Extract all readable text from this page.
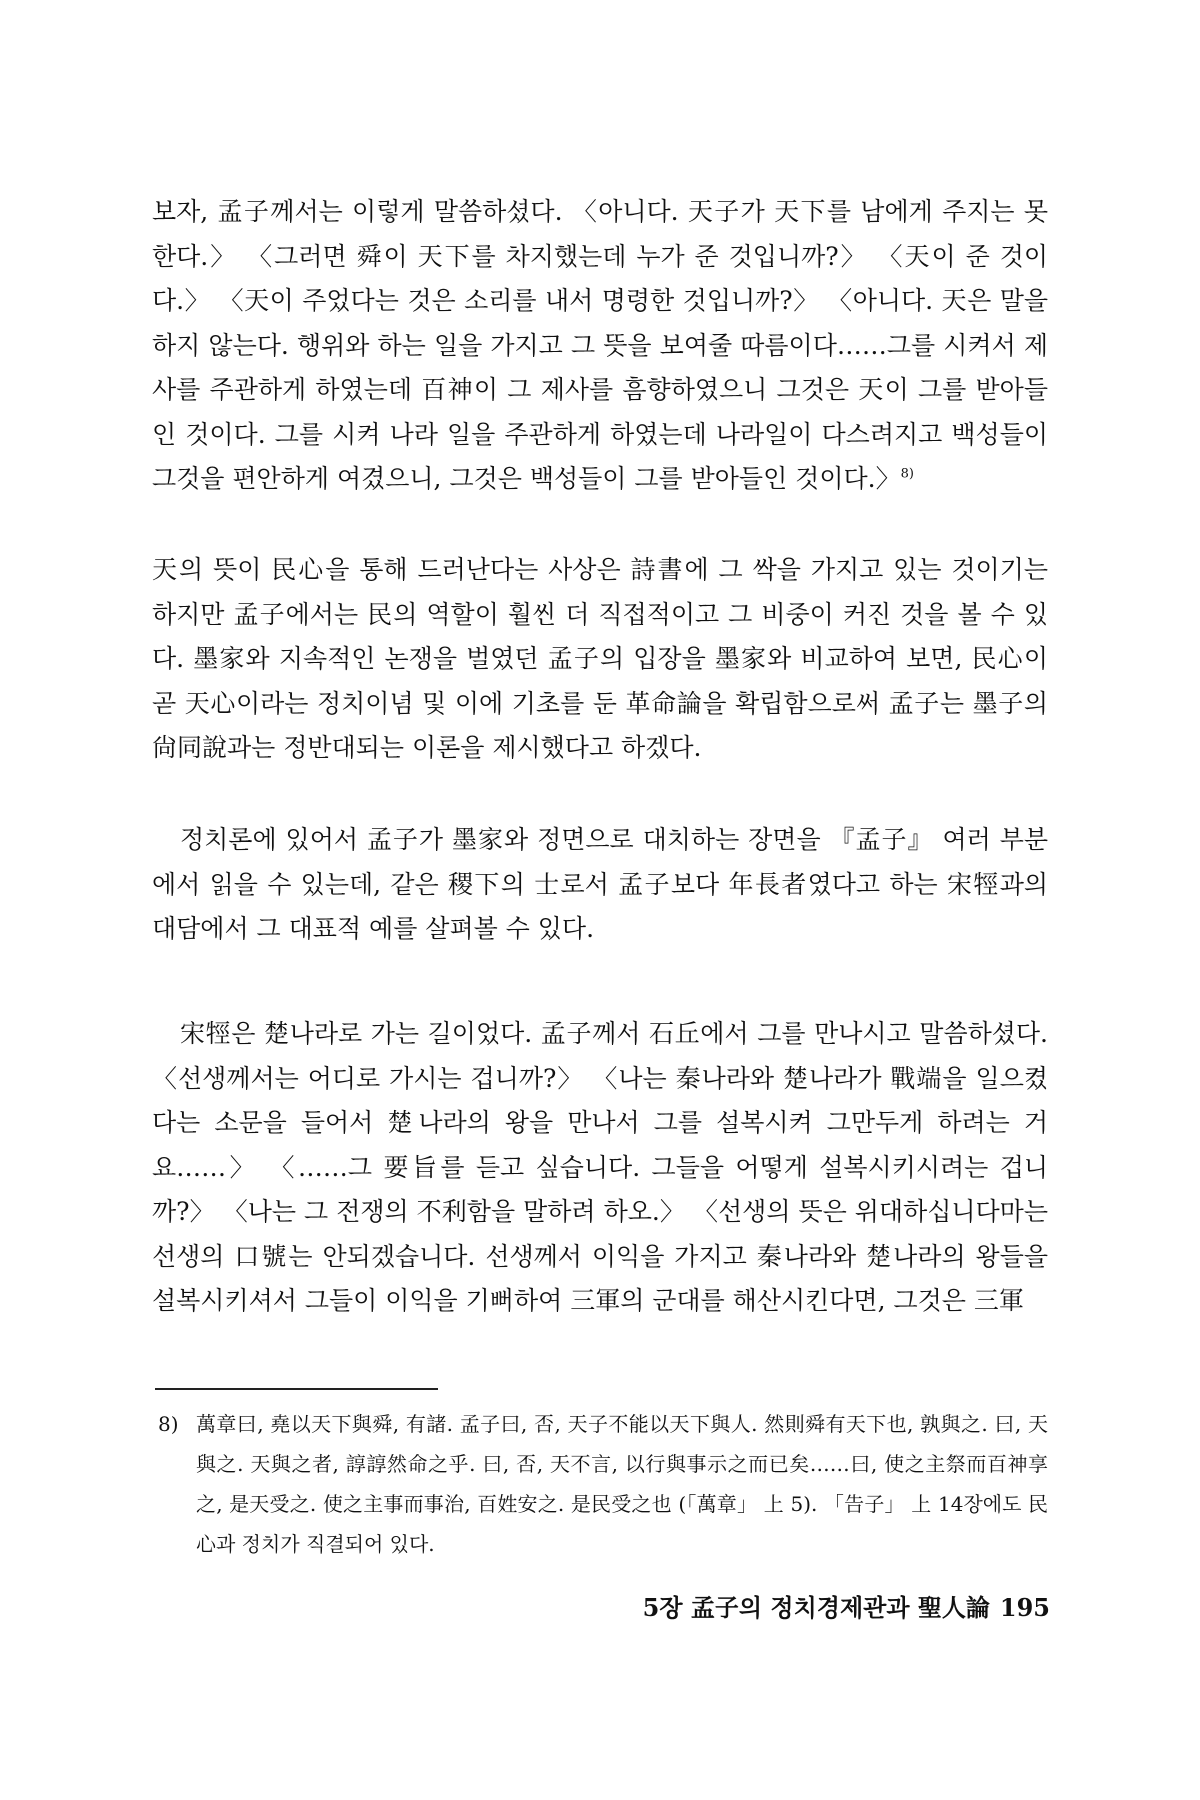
보자, 孟子께서는 이렇게 말씀하셨다. 〈아니다. 天子가 天下를 남에게 주지는 못한다.〉 〈그러면 舜이 天下를 차지했는데 누가 준 것입니까?〉 〈天이 준 것이다.〉 〈天이 주었다는 것은 소리를 내서 명령한 것입니까?〉 〈아니다. 天은 말을 하지 않는다. 행위와 하는 일을 가지고 그 뜻을 보여줄 따름이다……그를 시켜서 제사를 주관하게 하였는데 百神이 그 제사를 흠향하였으니 그것은 天이 그를 받아들인 것이다. 그를 시켜 나라 일을 주관하게 하였는데 나라일이 다스려지고 백성들이 그것을 편안하게 여겼으니, 그것은 백성들이 그를 받아들인 것이다.〉$^{8)}$

天의 뜻이 民心을 통해 드러난다는 사상은 詩書에 그 싹을 가지고 있는 것이기는 하지만 孟子에서는 民의 역할이 훨씬 더 직접적이고 그 비중이 커진 것을 볼 수 있다. 墨家와 지속적인 논쟁을 벌였던 孟子의 입장을 墨家와 비교하여 보면, 民心이 곧 天心이라는 정치이념 및 이에 기초를 둔 革命論을 확립함으로써 孟子는 墨子의 尙同說과는 정반대되는 이론을 제시했다고 하겠다.

정치론에 있어서 孟子가 墨家와 정면으로 대치하는 장면을 『孟子』 여러 부분에서 읽을 수 있는데, 같은 稷下의 士로서 孟子보다 年長者였다고 하는 宋牼과의 대담에서 그 대표적 예를 살펴볼 수 있다.

宋牼은 楚나라로 가는 길이었다. 孟子께서 石丘에서 그를 만나시고 말씀하셨다. 〈선생께서는 어디로 가시는 겁니까?〉 〈나는 秦나라와 楚나라가 戰端을 일으켰다는 소문을 들어서 楚나라의 왕을 만나서 그를 설복시켜 그만두게 하려는 거요……〉 〈……그 要旨를 듣고 싶습니다. 그들을 어떻게 설복시키시려는 겁니까?〉 〈나는 그 전쟁의 不利함을 말하려 하오.〉 〈선생의 뜻은 위대하십니다마는 선생의 口號는 안되겠습니다. 선생께서 이익을 가지고 秦나라와 楚나라의 왕들을 설복시키셔서 그들이 이익을 기뻐하여 三軍의 군대를 해산시킨다면, 그것은 三軍

8) 萬章曰, 堯以天下與舜, 有諸. 孟子曰, 否, 天子不能以天下與人. 然則舜有天下也, 孰與之. 曰, 天與之. 天與之者, 諄諄然命之乎. 曰, 否, 天不言, 以行與事示之而已矣……曰, 使之主祭而百神享之, 是天受之. 使之主事而事治, 百姓安之. 是民受之也 (「萬章」 上 5). 「告子」 上 14장에도 民心과 정치가 직결되어 있다.
5장 孟子의 정치경제관과 聖人論 195
